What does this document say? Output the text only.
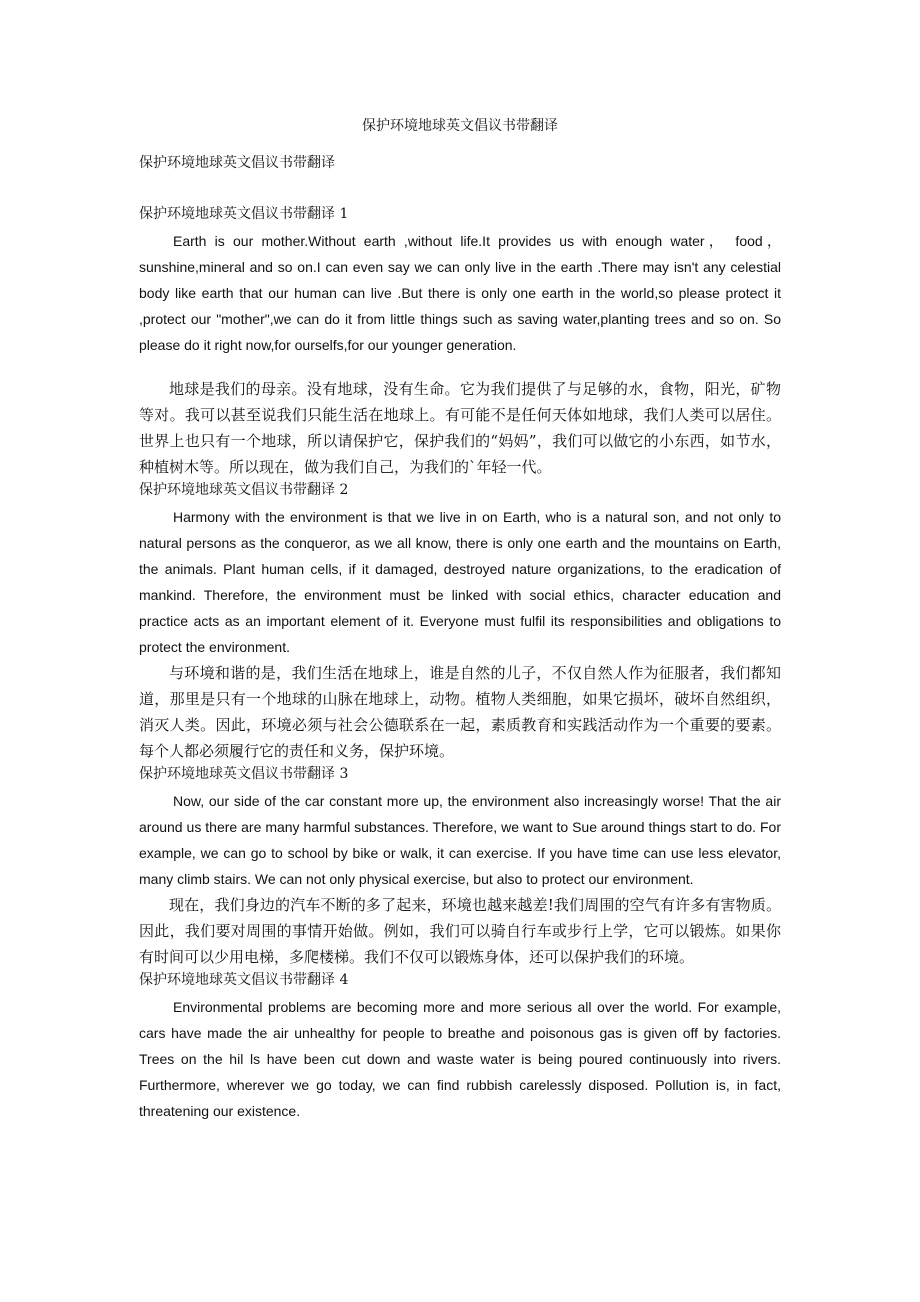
保护环境地球英文倡议书带翻译
保护环境地球英文倡议书带翻译

保护环境地球英文倡议书带翻译 1

Earth is our mother.Without earth ,without life.It provides us with enough water， food，sunshine,mineral and so on.I can even say we can only live in the earth .There may isn't any celestial body like earth that our human can live .But there is only one earth in the world,so please protect it ,protect our "mother",we can do it from little things such as saving water,planting trees and so on. So please do it right now,for ourselfs,for our younger generation.

地球是我们的母亲。没有地球，没有生命。它为我们提供了与足够的水，食物，阳光，矿物等对。我可以甚至说我们只能生活在地球上。有可能不是任何天体如地球，我们人类可以居住。世界上也只有一个地球，所以请保护它，保护我们的“妈妈”，我们可以做它的小东西，如节水，种植树木等。所以现在，做为我们自己，为我们的`年轻一代。

保护环境地球英文倡议书带翻译 2

Harmony with the environment is that we live in on Earth, who is a natural son, and not only to natural persons as the conqueror, as we all know, there is only one earth and the mountains on Earth, the animals. Plant human cells, if it damaged, destroyed nature organizations, to the eradication of mankind. Therefore, the environment must be linked with social ethics, character education and practice acts as an important element of it. Everyone must fulfil its responsibilities and obligations to protect the environment.

与环境和谐的是，我们生活在地球上，谁是自然的儿子，不仅自然人作为征服者，我们都知道，那里是只有一个地球的山脉在地球上，动物。植物人类细胞，如果它损坏，破坏自然组织，消灭人类。因此，环境必须与社会公德联系在一起，素质教育和实践活动作为一个重要的要素。每个人都必须履行它的责任和义务，保护环境。

保护环境地球英文倡议书带翻译 3

Now, our side of the car constant more up, the environment also increasingly worse! That the air around us there are many harmful substances. Therefore, we want to Sue around things start to do. For example, we can go to school by bike or walk, it can exercise. If you have time can use less elevator, many climb stairs. We can not only physical exercise, but also to protect our environment.

现在，我们身边的汽车不断的多了起来，环境也越来越差!我们周围的空气有许多有害物质。因此，我们要对周围的事情开始做。例如，我们可以骑自行车或步行上学，它可以锻炼。如果你有时间可以少用电梯，多爬楼梯。我们不仅可以锻炼身体，还可以保护我们的环境。

保护环境地球英文倡议书带翻译 4

Environmental problems are becoming more and more serious all over the world. For example, cars have made the air unhealthy for people to breathe and poisonous gas is given off by factories. Trees on the hil ls have been cut down and waste water is being poured continuously into rivers. Furthermore, wherever we go today, we can find rubbish carelessly disposed. Pollution is, in fact, threatening our existence.
